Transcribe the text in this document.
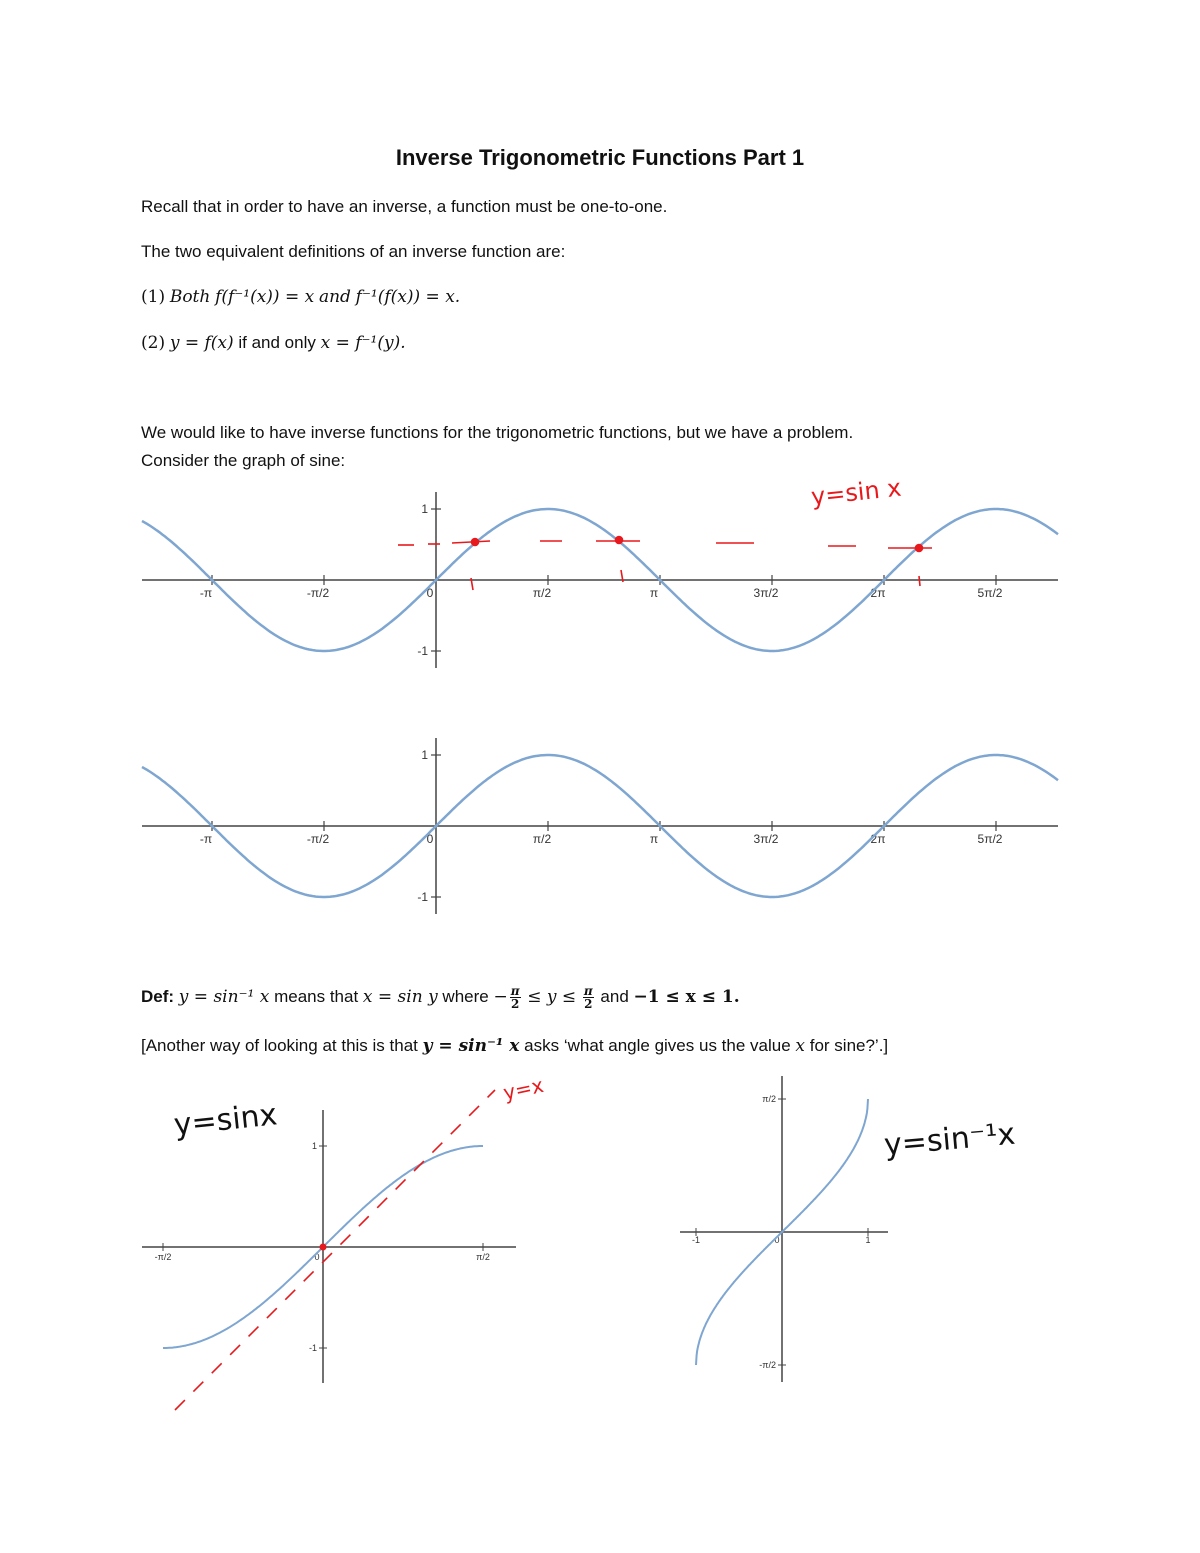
Inverse Trigonometric Functions Part 1
Recall that in order to have an inverse, a function must be one-to-one.
The two equivalent definitions of an inverse function are:
(1) Both f(f⁻¹(x)) = x and f⁻¹(f(x)) = x.
(2) y = f(x) if and only x = f⁻¹(y).
We would like to have inverse functions for the trigonometric functions, but we have a problem.
Consider the graph of sine:
Def: y = sin⁻¹ x means that x = sin y where − $\frac{\pi}{2} \le y \le \frac{\pi}{2}$ and −1 ≤ x ≤ 1.
[Another way of looking at this is that y = sin⁻¹ x asks ‘what angle gives us the value x for sine?’.]
-π	-π/2	0	π/2	π	3π/2	2π	5π/2
1
-1
y=sin x
-π	-π/2	0	π/2	π	3π/2	2π	5π/2
1
-1
-π/2	0	π/2
1
-1
y=sinx
y=x
-1	0	1
π/2
-π/2
y=sin⁻¹x
